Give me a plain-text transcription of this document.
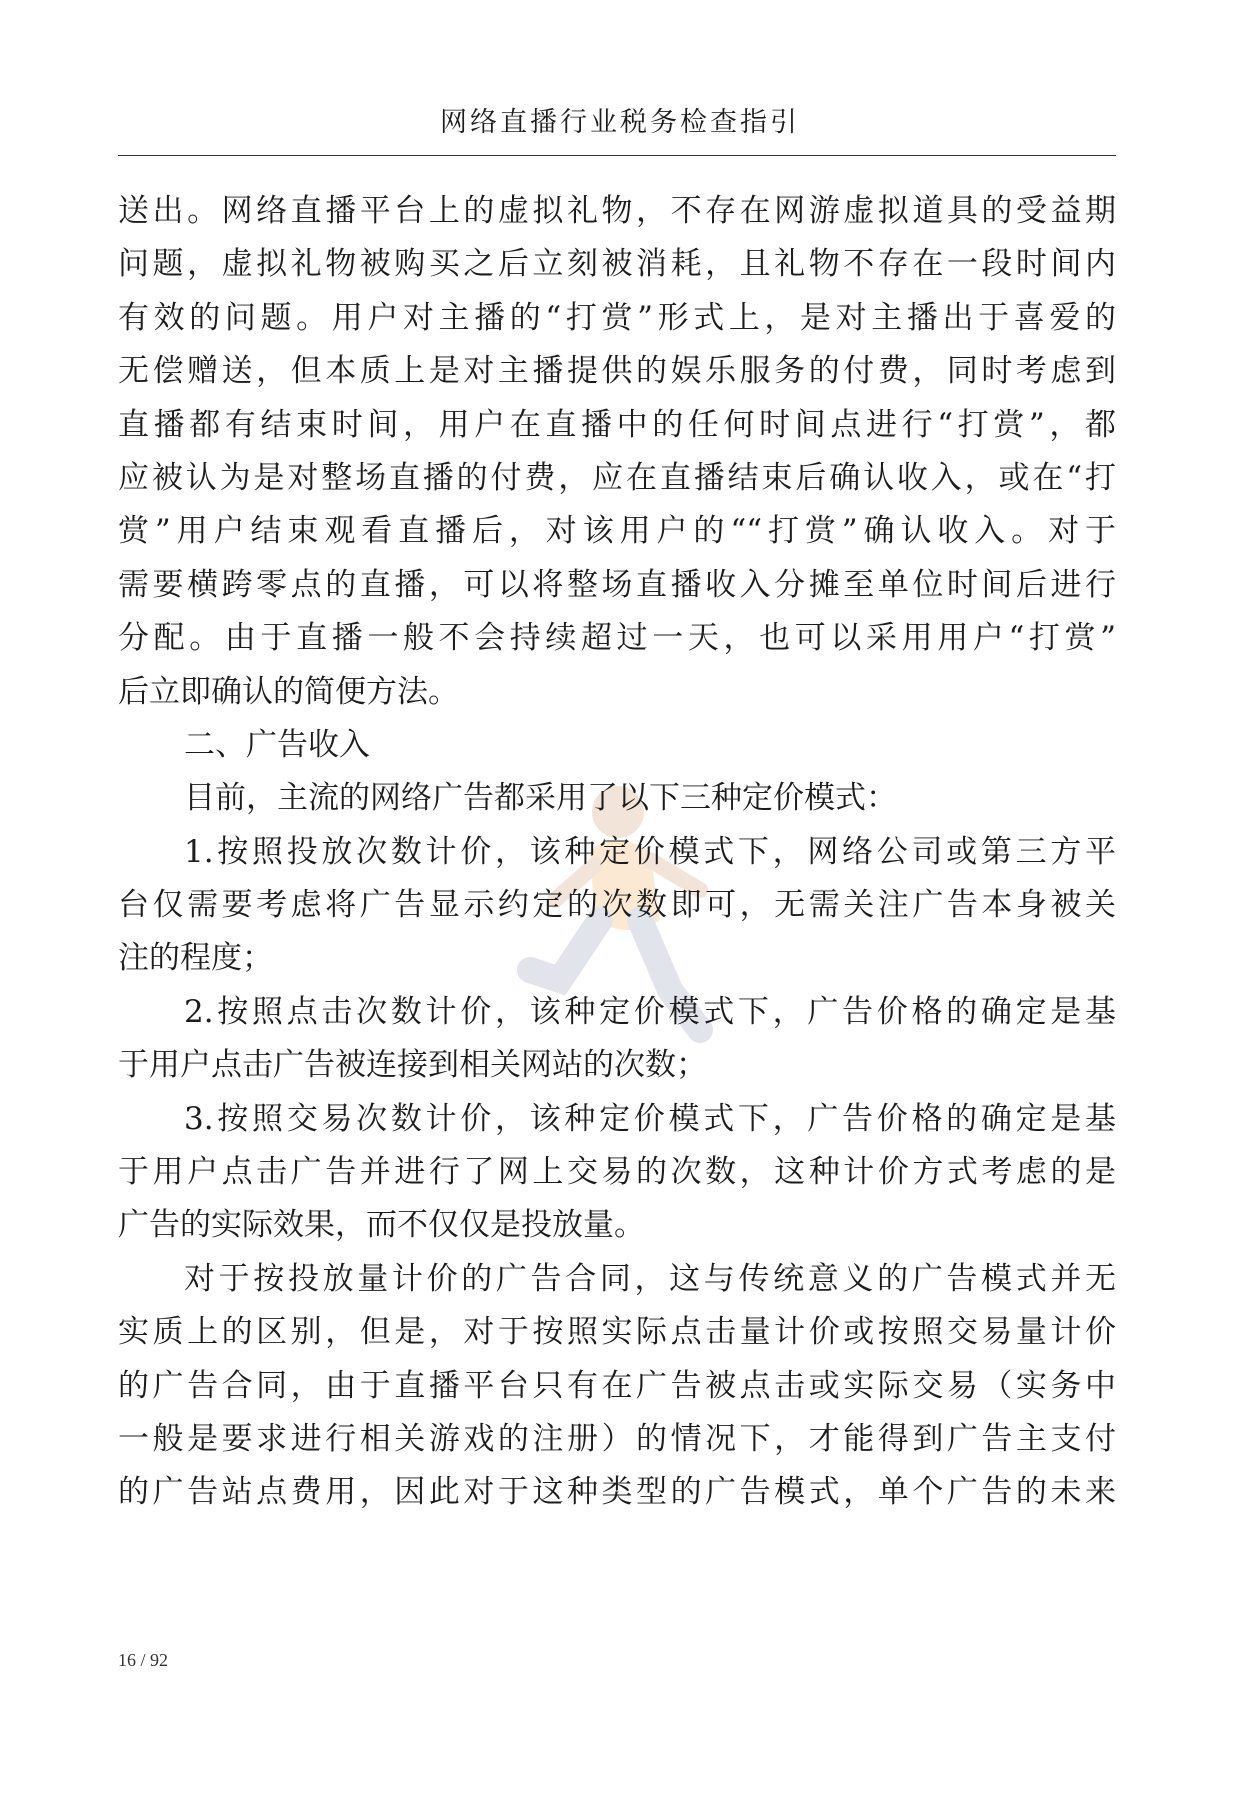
网络直播行业税务检查指引
送出。网络直播平台上的虚拟礼物，不存在网游虚拟道具的受益期
问题，虚拟礼物被购买之后立刻被消耗，且礼物不存在一段时间内
有效的问题。用户对主播的“打赏”形式上，是对主播出于喜爱的
无偿赠送，但本质上是对主播提供的娱乐服务的付费，同时考虑到
直播都有结束时间，用户在直播中的任何时间点进行“打赏”，都
应被认为是对整场直播的付费，应在直播结束后确认收入，或在“打
赏”用户结束观看直播后，对该用户的““打赏”确认收入。对于
需要横跨零点的直播，可以将整场直播收入分摊至单位时间后进行
分配。由于直播一般不会持续超过一天，也可以采用用户“打赏”
后立即确认的简便方法。
二、广告收入
目前，主流的网络广告都采用了以下三种定价模式：
1.按照投放次数计价，该种定价模式下，网络公司或第三方平
台仅需要考虑将广告显示约定的次数即可，无需关注广告本身被关
注的程度；
2.按照点击次数计价，该种定价模式下，广告价格的确定是基
于用户点击广告被连接到相关网站的次数；
3.按照交易次数计价，该种定价模式下，广告价格的确定是基
于用户点击广告并进行了网上交易的次数，这种计价方式考虑的是
广告的实际效果，而不仅仅是投放量。
对于按投放量计价的广告合同，这与传统意义的广告模式并无
实质上的区别，但是，对于按照实际点击量计价或按照交易量计价
的广告合同，由于直播平台只有在广告被点击或实际交易（实务中
一般是要求进行相关游戏的注册）的情况下，才能得到广告主支付
的广告站点费用，因此对于这种类型的广告模式，单个广告的未来
16 / 92
